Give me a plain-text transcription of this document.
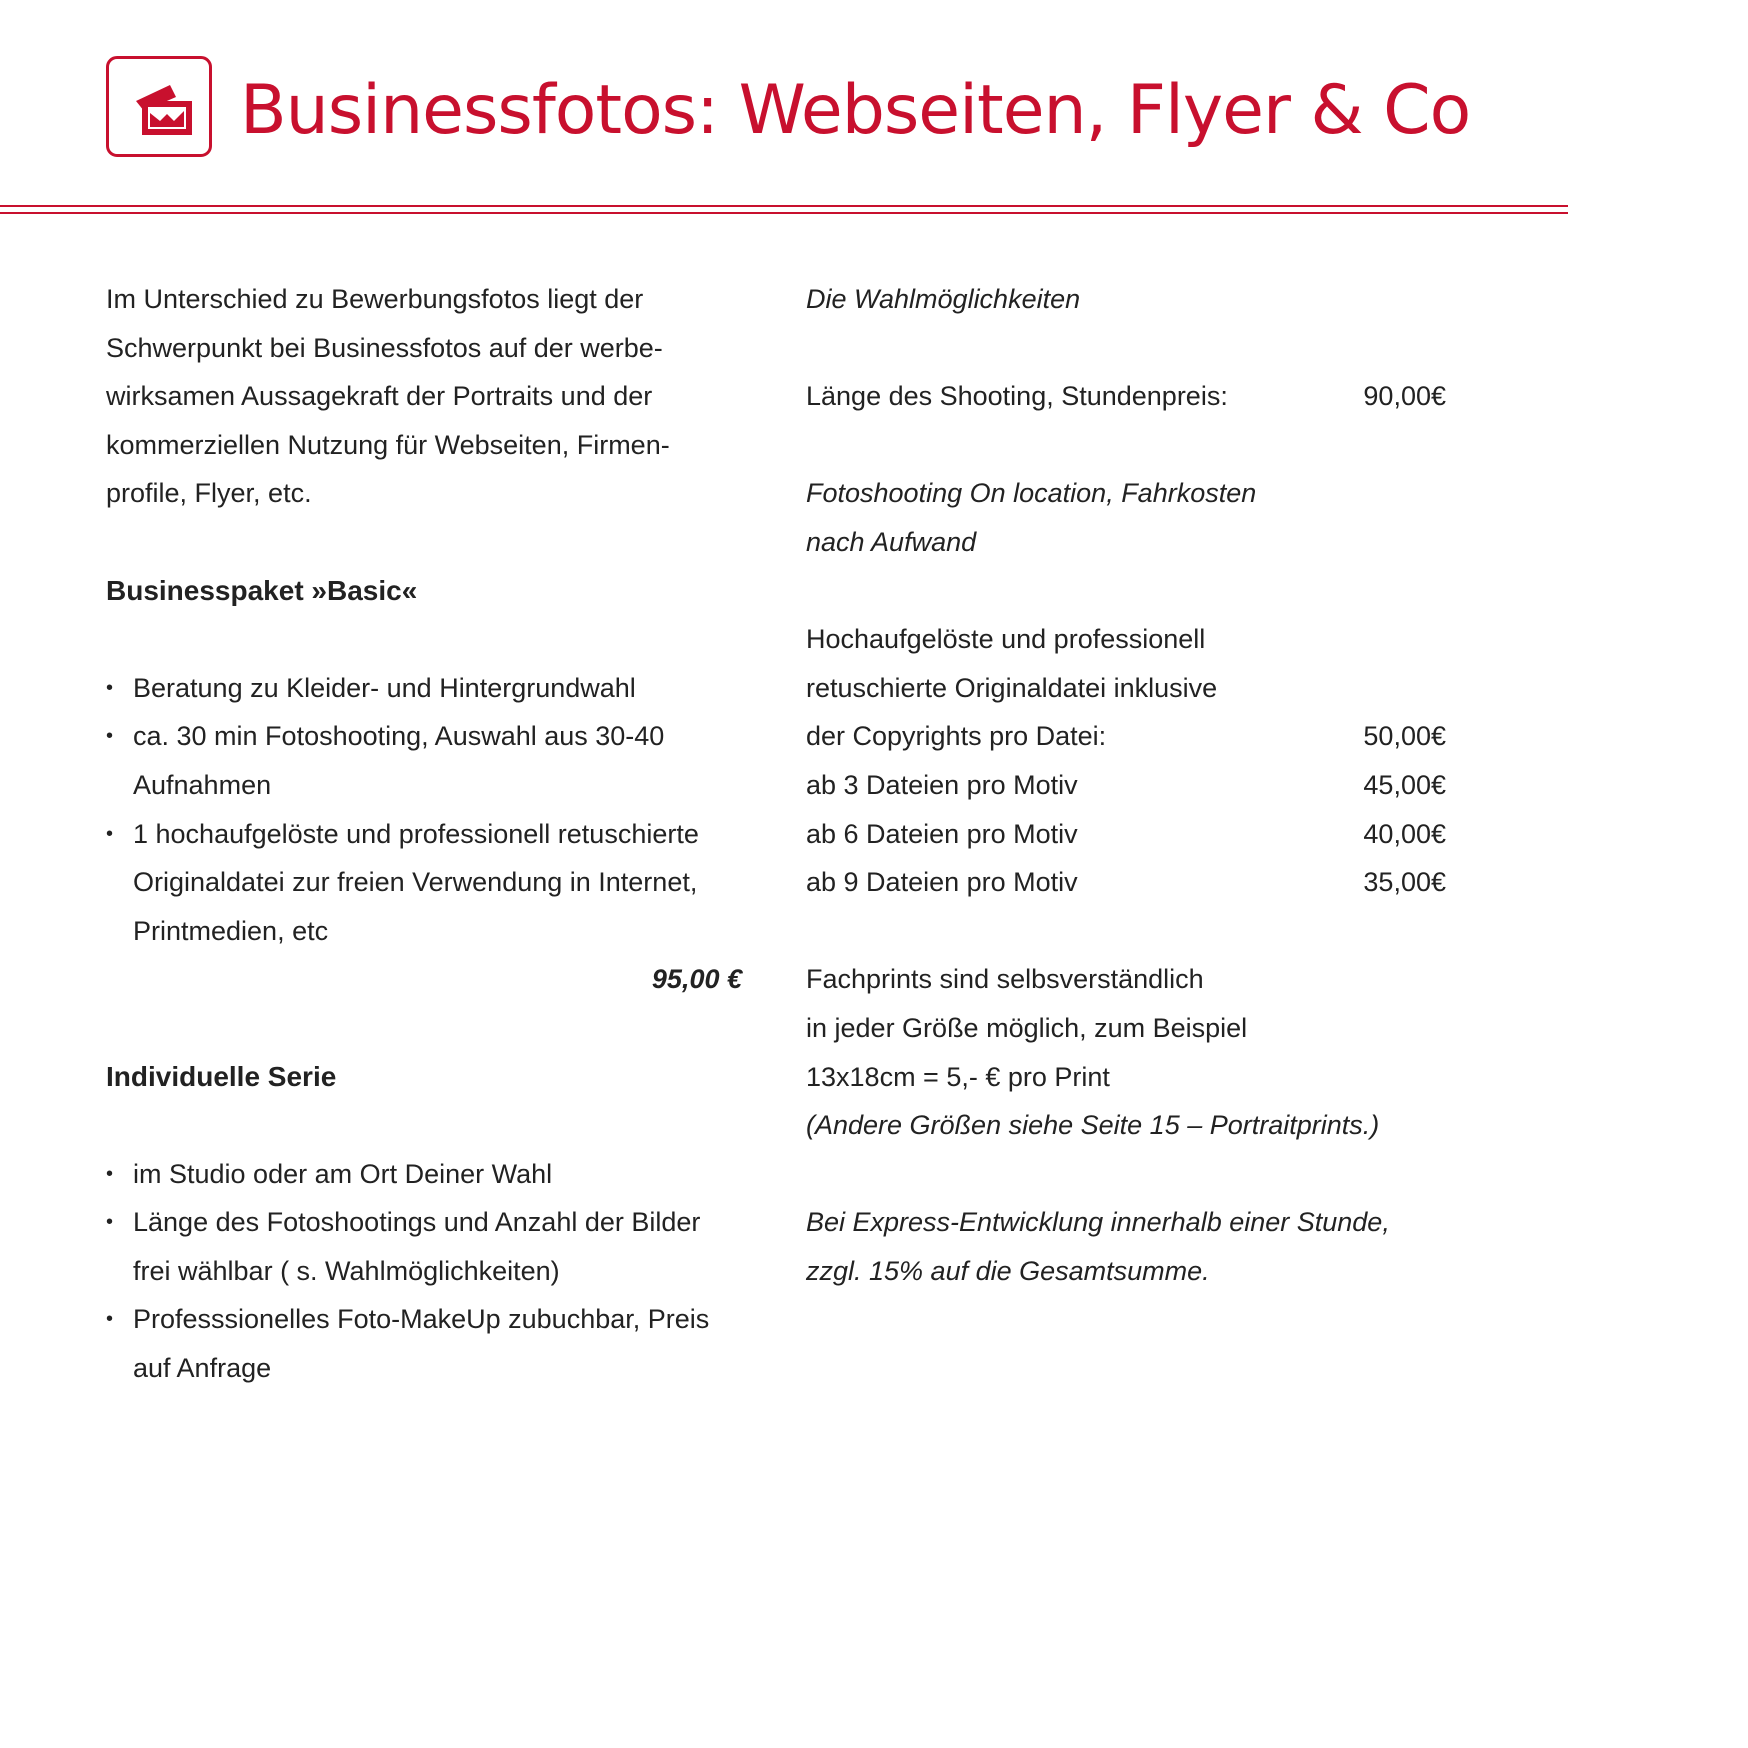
Businessfotos: Webseiten, Flyer & Co

Im Unterschied zu Bewerbungsfotos liegt der

Schwerpunkt bei Businessfotos auf der werbe-

wirksamen Aussagekraft der Portraits und der

kommerziellen Nutzung für Webseiten, Firmen-

profile, Flyer, etc.

Businesspaket »Basic«

• Beratung zu Kleider- und Hintergrundwahl
• ca. 30 min Fotoshooting, Auswahl aus 30-40
Aufnahmen
• 1 hochaufgelöste und professionell retuschierte
Originaldatei zur freien Verwendung in Internet,
Printmedien, etc

95,00 €

Individuelle Serie

• im Studio oder am Ort Deiner Wahl
• Länge des Fotoshootings und Anzahl der Bilder
frei wählbar ( s. Wahlmöglichkeiten)
• Professsionelles Foto-MakeUp zubuchbar, Preis
auf Anfrage

Die Wahlmöglichkeiten

Länge des Shooting, Stundenpreis:	90,00€

Fotoshooting On location, Fahrkosten

nach Aufwand

Hochaufgelöste und professionell

retuschierte Originaldatei inklusive

der Copyrights pro Datei:	50,00€
ab 3 Dateien pro Motiv	45,00€
ab 6 Dateien pro Motiv	40,00€
ab 9 Dateien pro Motiv	35,00€

Fachprints sind selbsverständlich

in jeder Größe möglich, zum Beispiel

13x18cm = 5,- € pro Print

(Andere Größen siehe Seite 15 – Portraitprints.)

Bei Express-Entwicklung innerhalb einer Stunde,

zzgl. 15% auf die Gesamtsumme.
